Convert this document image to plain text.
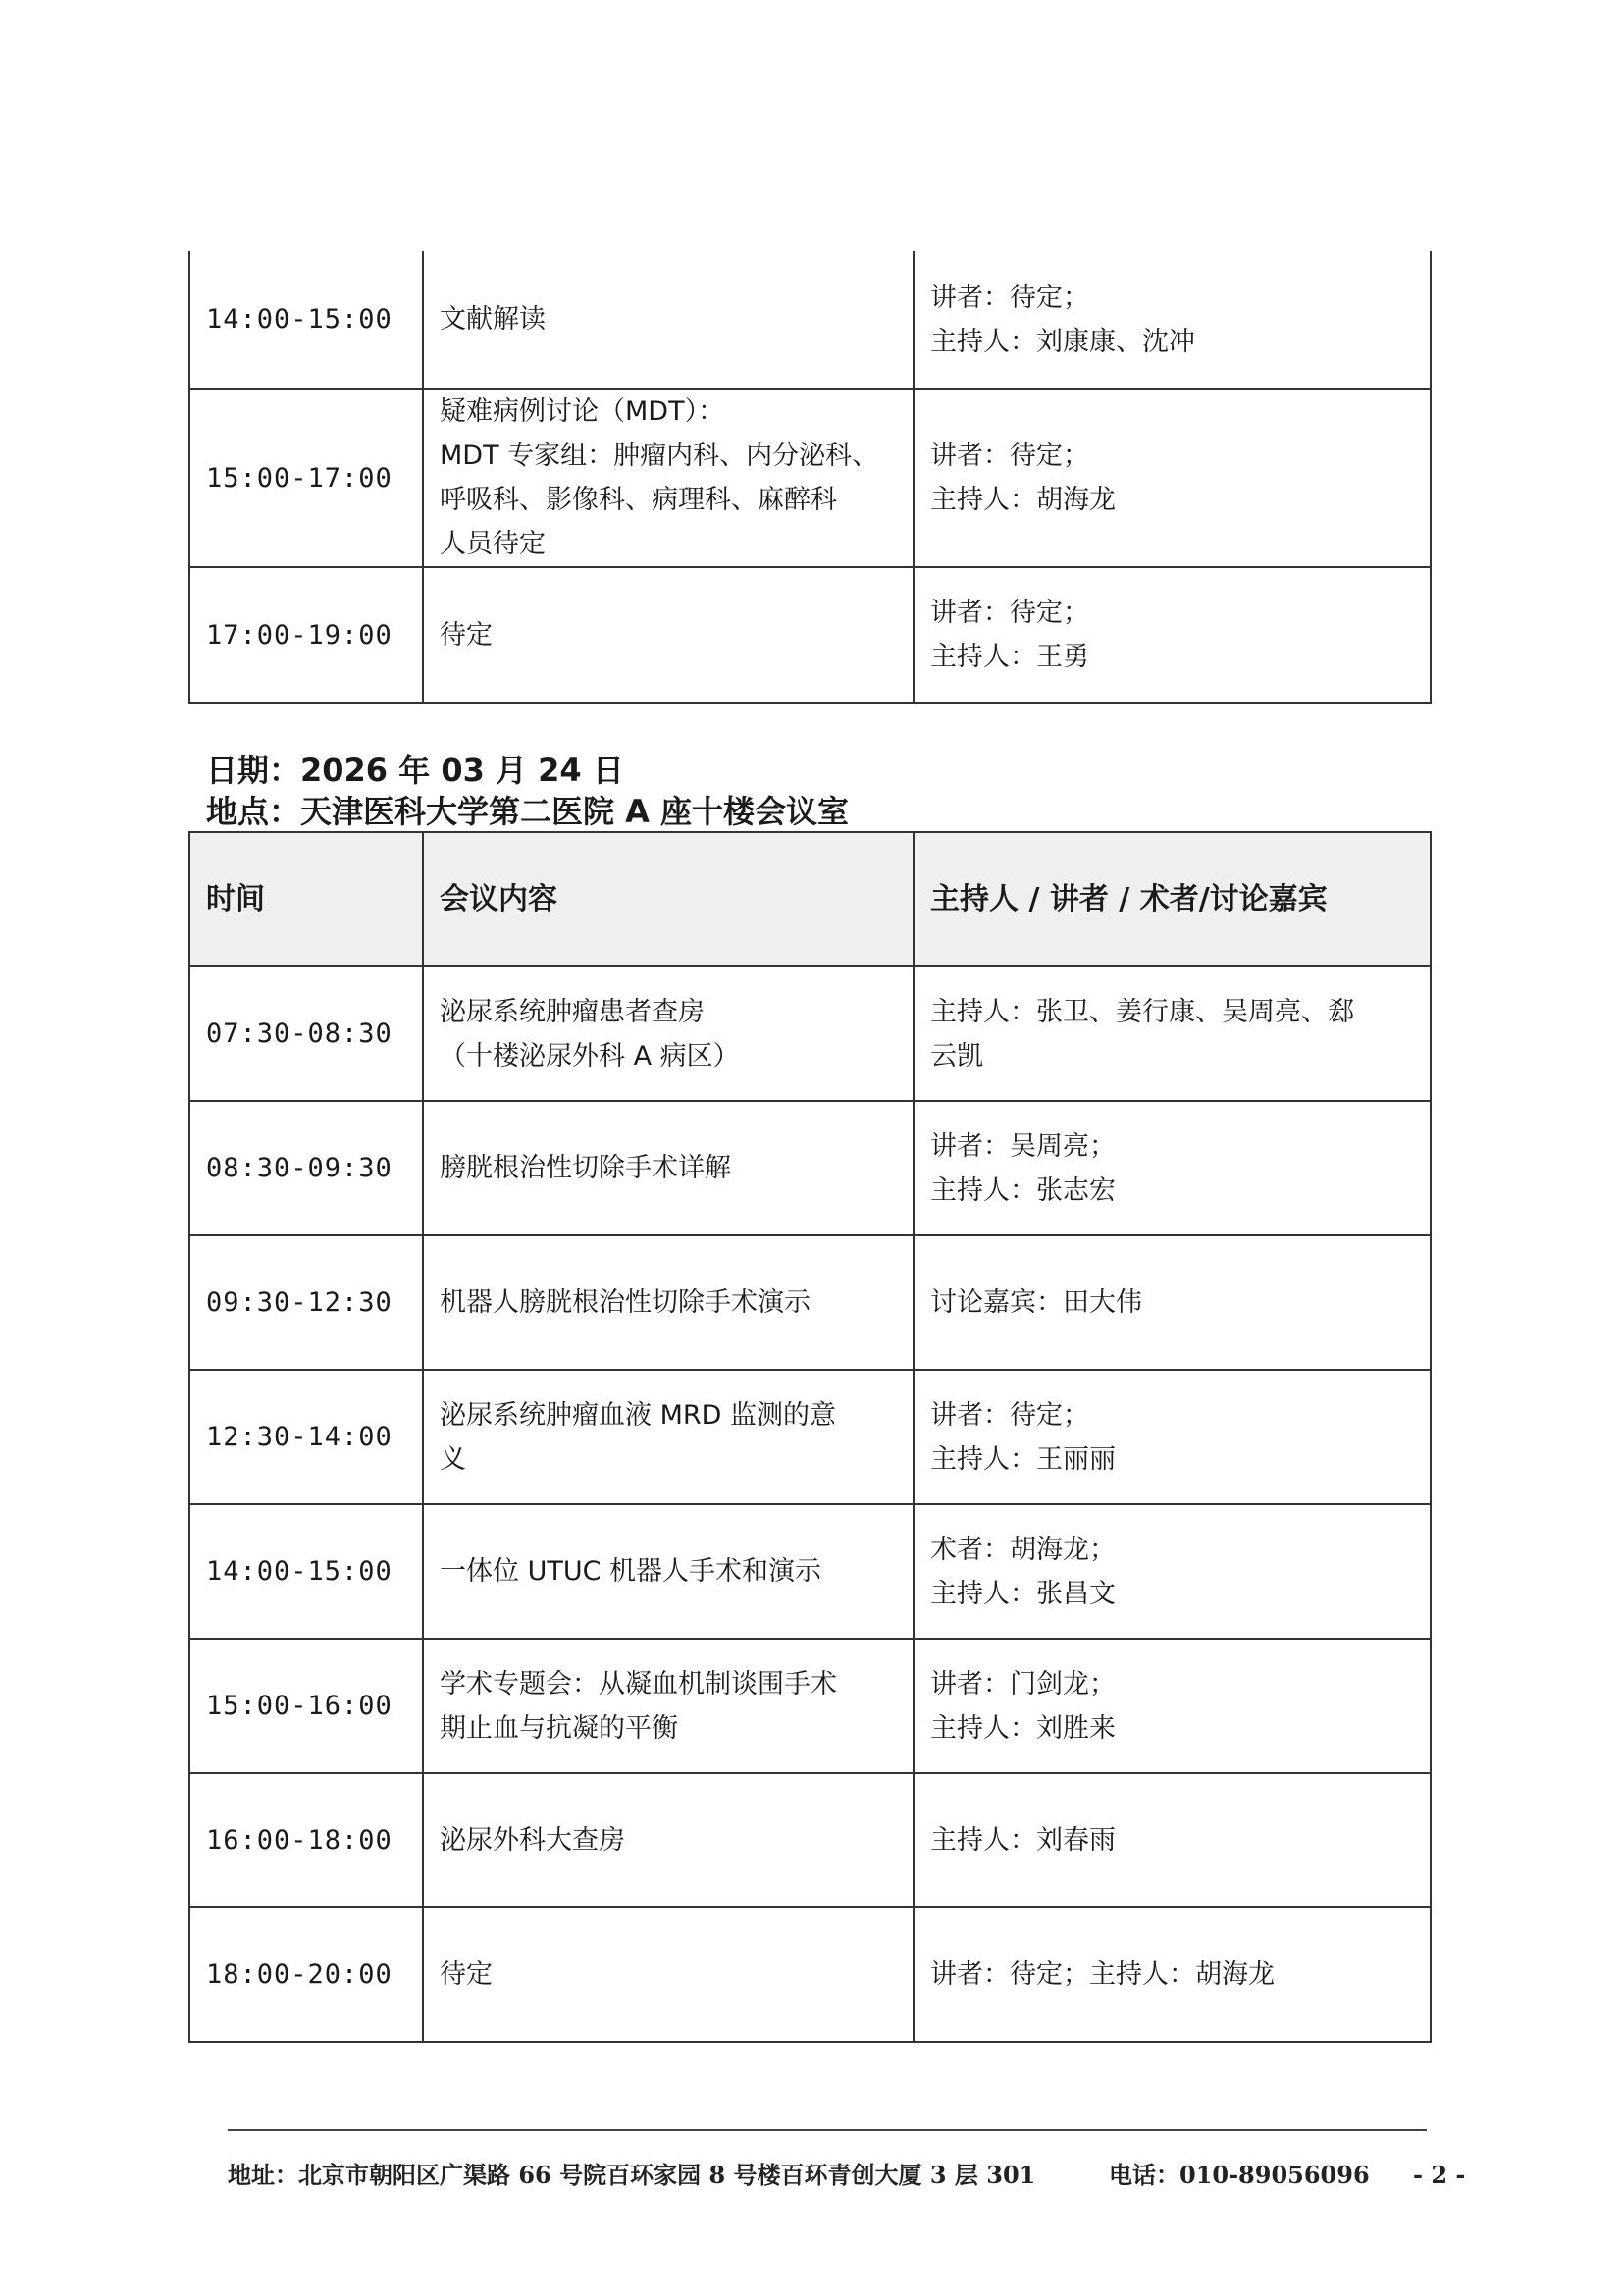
14:00-15:00	文献解读	讲者：待定；
主持人：刘康康、沈冲

15:00-17:00	疑难病例讨论（MDT）：
MDT 专家组：肿瘤内科、内分泌科、
呼吸科、影像科、病理科、麻醉科
人员待定	讲者：待定；
主持人：胡海龙

17:00-19:00	待定	讲者：待定；
主持人：王勇
日期：2026 年 03 月 24 日
地点：天津医科大学第二医院 A 座十楼会议室
时间	会议内容	主持人 / 讲者 / 术者/讨论嘉宾
07:30-08:30	泌尿系统肿瘤患者查房
（十楼泌尿外科 A 病区）	主持人：张卫、姜行康、吴周亮、郄
云凯

08:30-09:30	膀胱根治性切除手术详解	讲者：吴周亮；
主持人：张志宏

09:30-12:30	机器人膀胱根治性切除手术演示	讨论嘉宾：田大伟

12:30-14:00	泌尿系统肿瘤血液 MRD 监测的意
义	讲者：待定；
主持人：王丽丽

14:00-15:00	一体位 UTUC 机器人手术和演示	术者：胡海龙；
主持人：张昌文

15:00-16:00	学术专题会：从凝血机制谈围手术
期止血与抗凝的平衡	讲者：门剑龙；
主持人：刘胜来

16:00-18:00	泌尿外科大查房	主持人：刘春雨

18:00-20:00	待定	讲者：待定；主持人：胡海龙
地址：北京市朝阳区广渠路 66 号院百环家园 8 号楼百环青创大厦 3 层 301	电话：010-89056096 - 2 -
